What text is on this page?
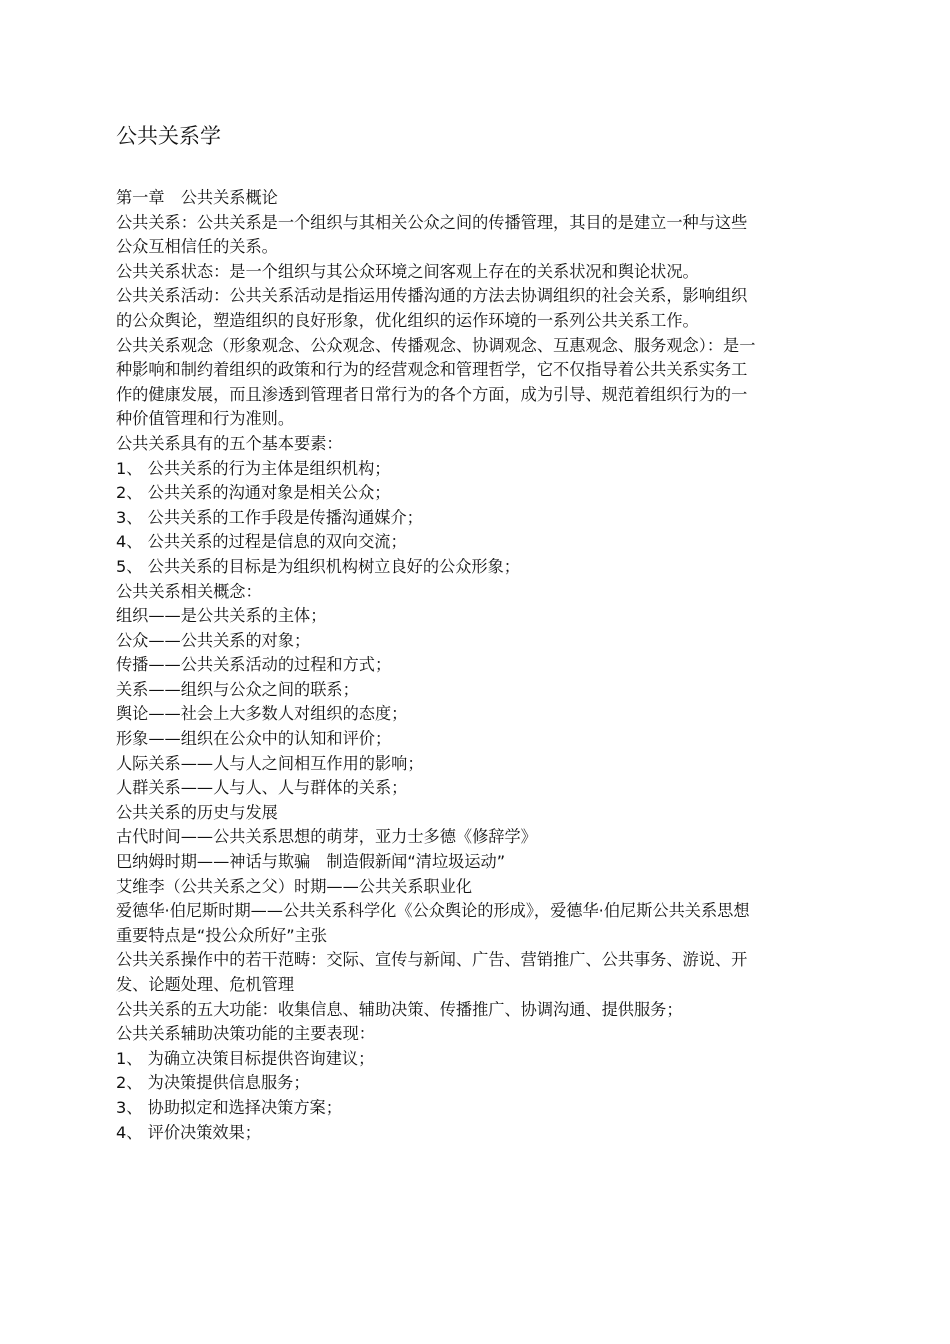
公共关系学
第一章　公共关系概论
公共关系：公共关系是一个组织与其相关公众之间的传播管理，其目的是建立一种与这些
公众互相信任的关系。
公共关系状态：是一个组织与其公众环境之间客观上存在的关系状况和舆论状况。
公共关系活动：公共关系活动是指运用传播沟通的方法去协调组织的社会关系，影响组织
的公众舆论，塑造组织的良好形象，优化组织的运作环境的一系列公共关系工作。
公共关系观念（形象观念、公众观念、传播观念、协调观念、互惠观念、服务观念）：是一
种影响和制约着组织的政策和行为的经营观念和管理哲学，它不仅指导着公共关系实务工
作的健康发展，而且渗透到管理者日常行为的各个方面，成为引导、规范着组织行为的一
种价值管理和行为准则。
公共关系具有的五个基本要素：
1、 公共关系的行为主体是组织机构；
2、 公共关系的沟通对象是相关公众；
3、 公共关系的工作手段是传播沟通媒介；
4、 公共关系的过程是信息的双向交流；
5、 公共关系的目标是为组织机构树立良好的公众形象；
公共关系相关概念：
组织——是公共关系的主体；
公众——公共关系的对象；
传播——公共关系活动的过程和方式；
关系——组织与公众之间的联系；
舆论——社会上大多数人对组织的态度；
形象——组织在公众中的认知和评价；
人际关系——人与人之间相互作用的影响；
人群关系——人与人、人与群体的关系；
公共关系的历史与发展
古代时间——公共关系思想的萌芽，亚力士多德《修辞学》
巴纳姆时期——神话与欺骗　制造假新闻“清垃圾运动”
艾维李（公共关系之父）时期——公共关系职业化
爱德华·伯尼斯时期——公共关系科学化《公众舆论的形成》，爱德华·伯尼斯公共关系思想
重要特点是“投公众所好”主张
公共关系操作中的若干范畴：交际、宣传与新闻、广告、营销推广、公共事务、游说、开
发、论题处理、危机管理
公共关系的五大功能：收集信息、辅助决策、传播推广、协调沟通、提供服务；
公共关系辅助决策功能的主要表现：
1、 为确立决策目标提供咨询建议；
2、 为决策提供信息服务；
3、 协助拟定和选择决策方案；
4、 评价决策效果；
